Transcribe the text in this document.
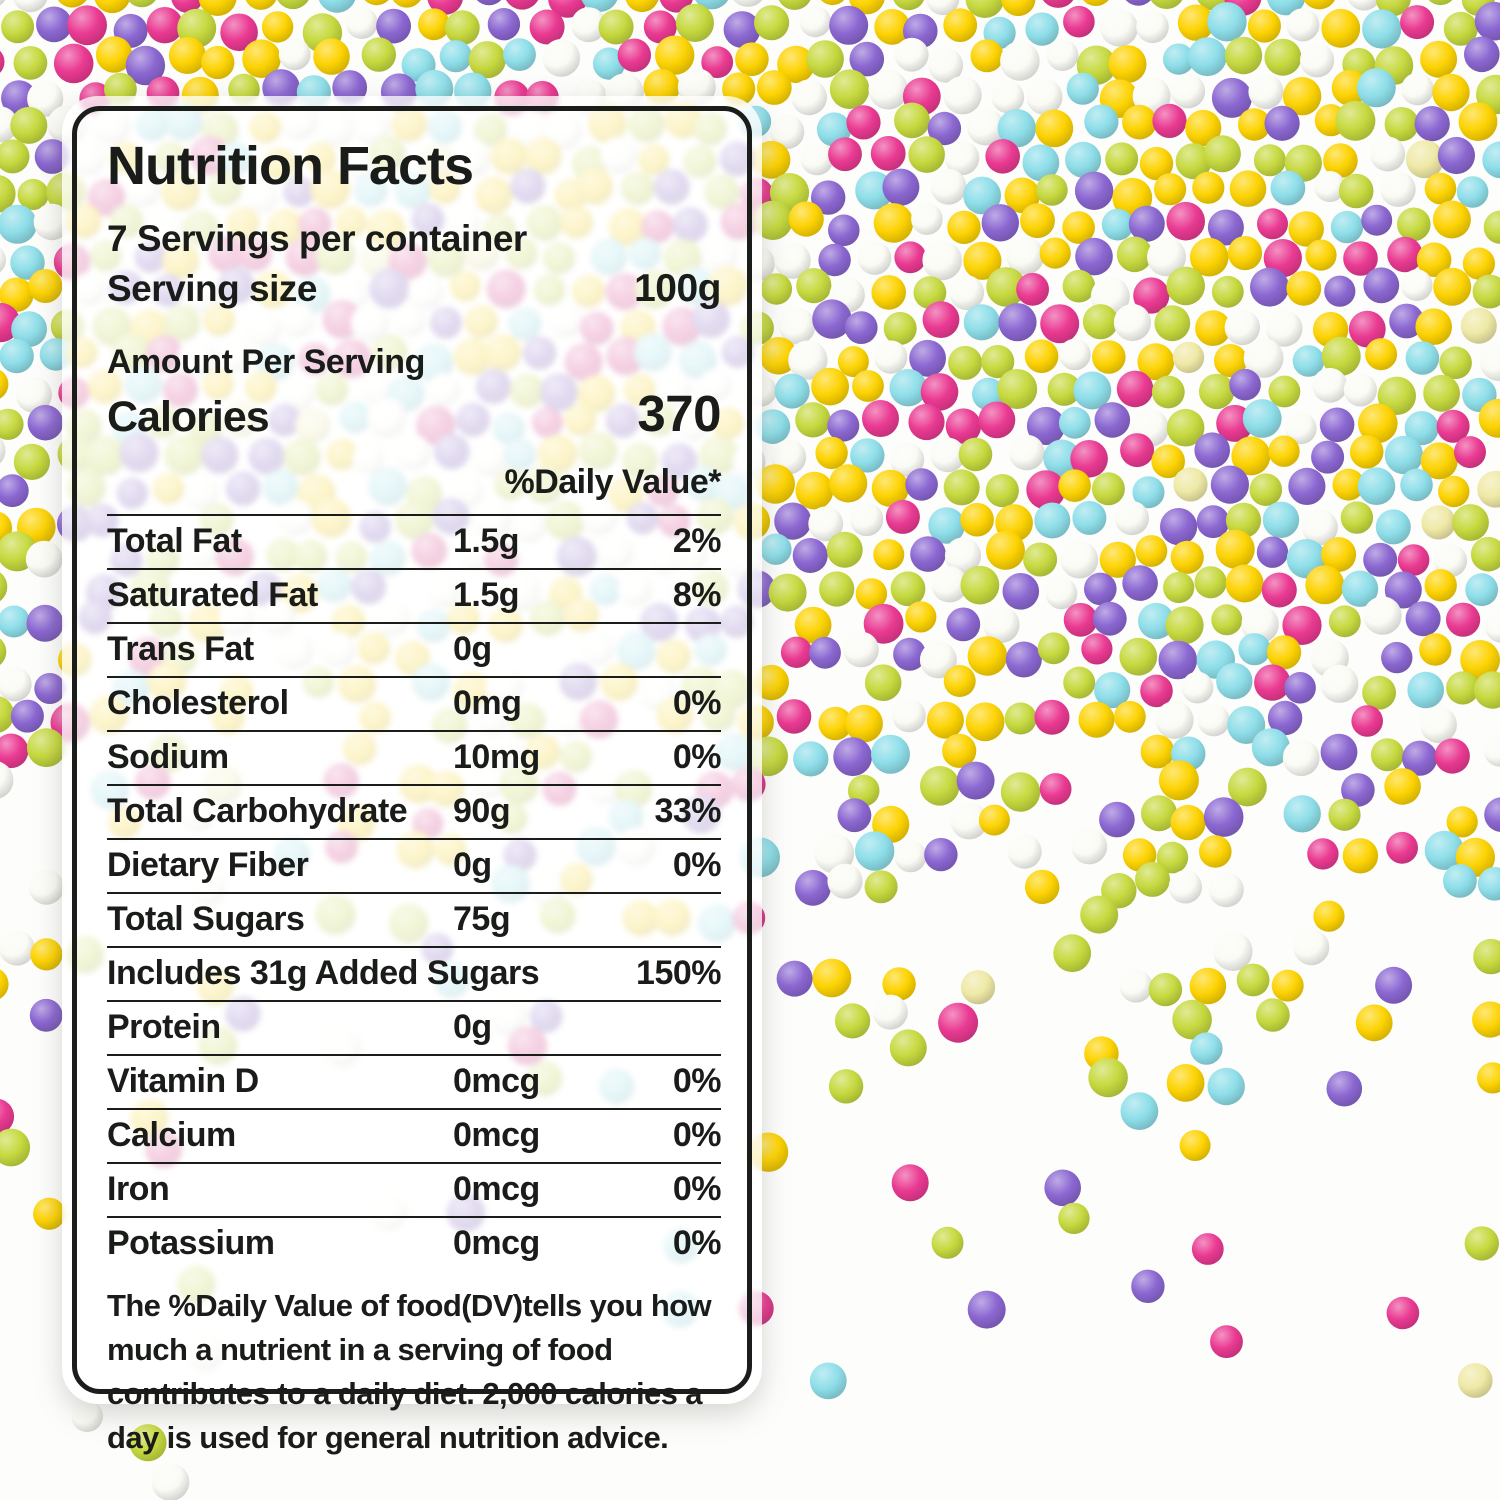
Nutrition Facts
7 Servings per container
Serving size	100g
Amount Per Serving
Calories	370
%Daily Value*
Total Fat	1.5g	2%
Saturated Fat	1.5g	8%
Trans Fat	0g
Cholesterol	0mg	0%
Sodium	10mg	0%
Total Carbohydrate	90g	33%
Dietary Fiber	0g	0%
Total Sugars	75g
Includes 31g Added Sugars	150%
Protein	0g
Vitamin D	0mcg	0%
Calcium	0mcg	0%
Iron	0mcg	0%
Potassium	0mcg	0%
The %Daily Value of food(DV)tells you how much a nutrient in a serving of food contributes to a daily diet. 2,000 calories a day is used for general nutrition advice.
